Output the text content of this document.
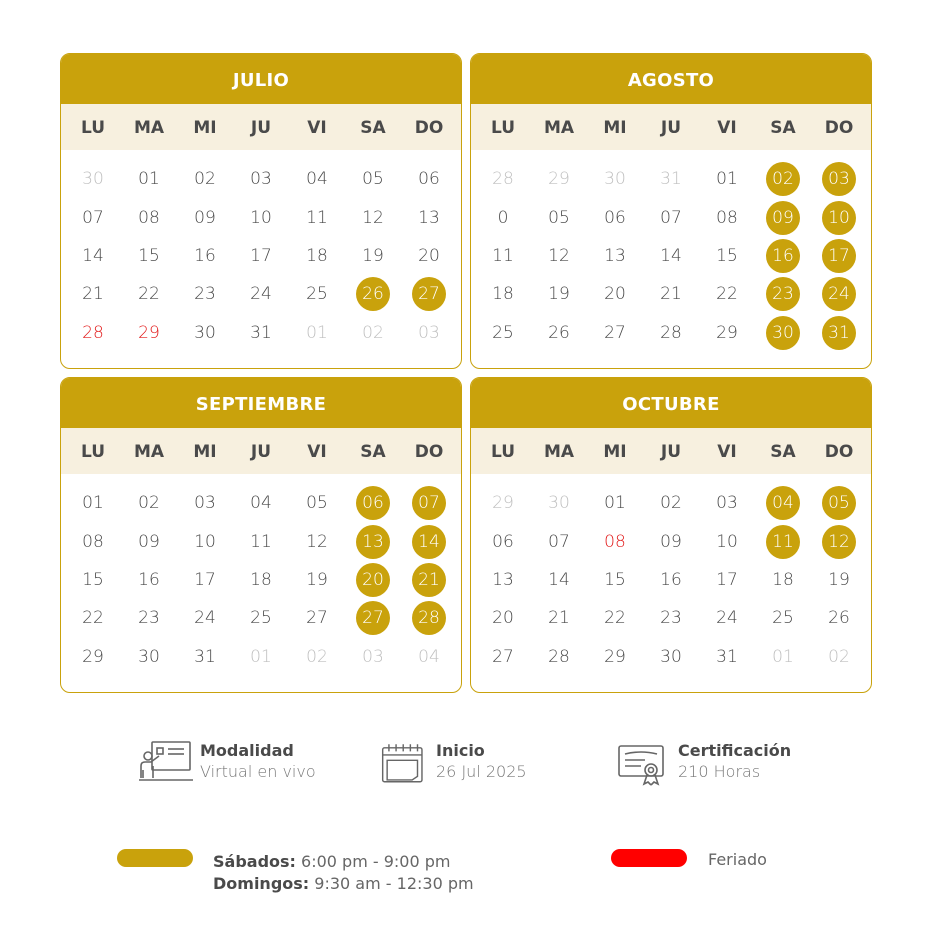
JULIO
LU	MA	MI	JU	VI	SA	DO
30 01 02 03 04 05 06
07 08 09 10 11 12 13
14 15 16 17 18 19 20
21 22 23 24 25	26	27
28 29 30 31 01 02 03
AGOSTO
LU	MA	MI	JU	VI	SA	DO
28 29 30 31 01	02	03
0 05 06 07 08	09	10
11 12 13 14 15	16	17
18 19 20 21 22	23	24
25 26 27 28 29	30	31
SEPTIEMBRE
LU	MA	MI	JU	VI	SA	DO
01 02 03 04 05	06	07
08 09 10 11 12	13	14
15 16 17 18 19	20	21
22 23 24 25 27	27	28
29 30 31 01 02 03 04
OCTUBRE
LU	MA	MI	JU	VI	SA	DO
29 30 01 02 03	04	05
06 07 08 09 10	11	12
13 14 15 16 17 18 19
20 21 22 23 24 25 26
27 28 29 30 31 01 02
Modalidad
Virtual en vivo
Inicio
26 Jul 2025
Certificación
210 Horas
Sábados: 6:00 pm - 9:00 pm
Domingos: 9:30 am - 12:30 pm
Feriado
